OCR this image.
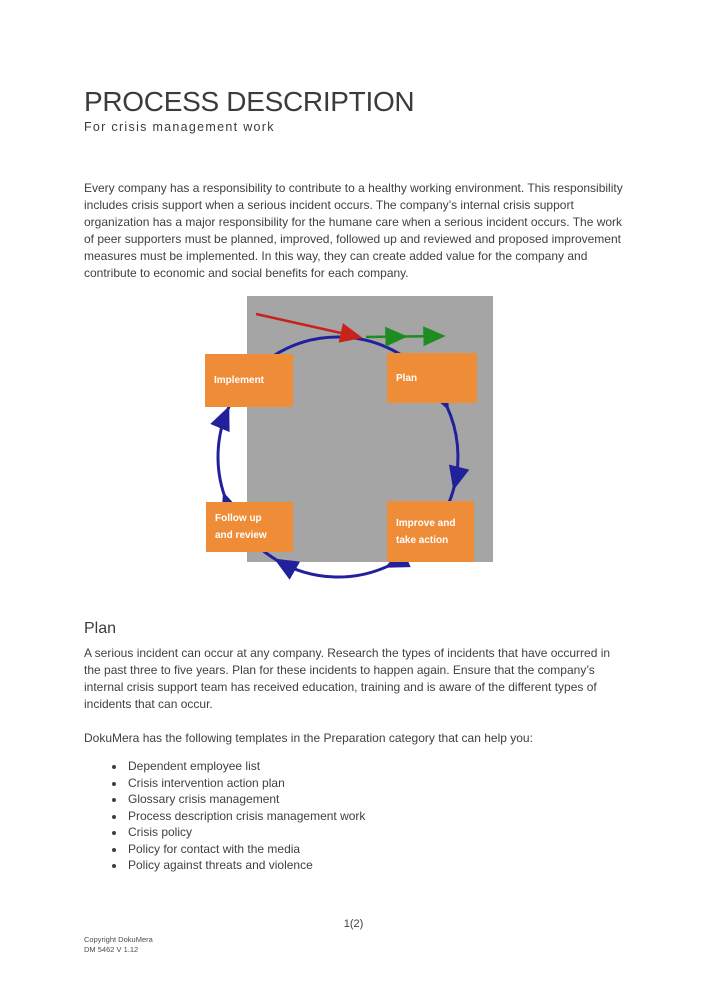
PROCESS DESCRIPTION
For crisis management work

Every company has a responsibility to contribute to a healthy working environment. This responsibility includes crisis support when a serious incident occurs. The company’s internal crisis support organization has a major responsibility for the humane care when a serious incident occurs. The work of peer supporters must be planned, improved, followed up and reviewed and proposed improvement measures must be implemented. In this way, they can create added value for the company and contribute to economic and social benefits for each company.

Implement	Plan
Follow up and review
Improve and take action
Plan

A serious incident can occur at any company. Research the types of incidents that have occurred in the past three to five years. Plan for these incidents to happen again. Ensure that the company’s internal crisis support team has received education, training and is aware of the different types of incidents that can occur.

DokuMera has the following templates in the Preparation category that can help you:

• Dependent employee list
• Crisis intervention action plan
• Glossary crisis management
• Process description crisis management work
• Crisis policy
• Policy for contact with the media
• Policy against threats and violence
1(2)
Copyright DokuMera
DM 5462 V 1.12
